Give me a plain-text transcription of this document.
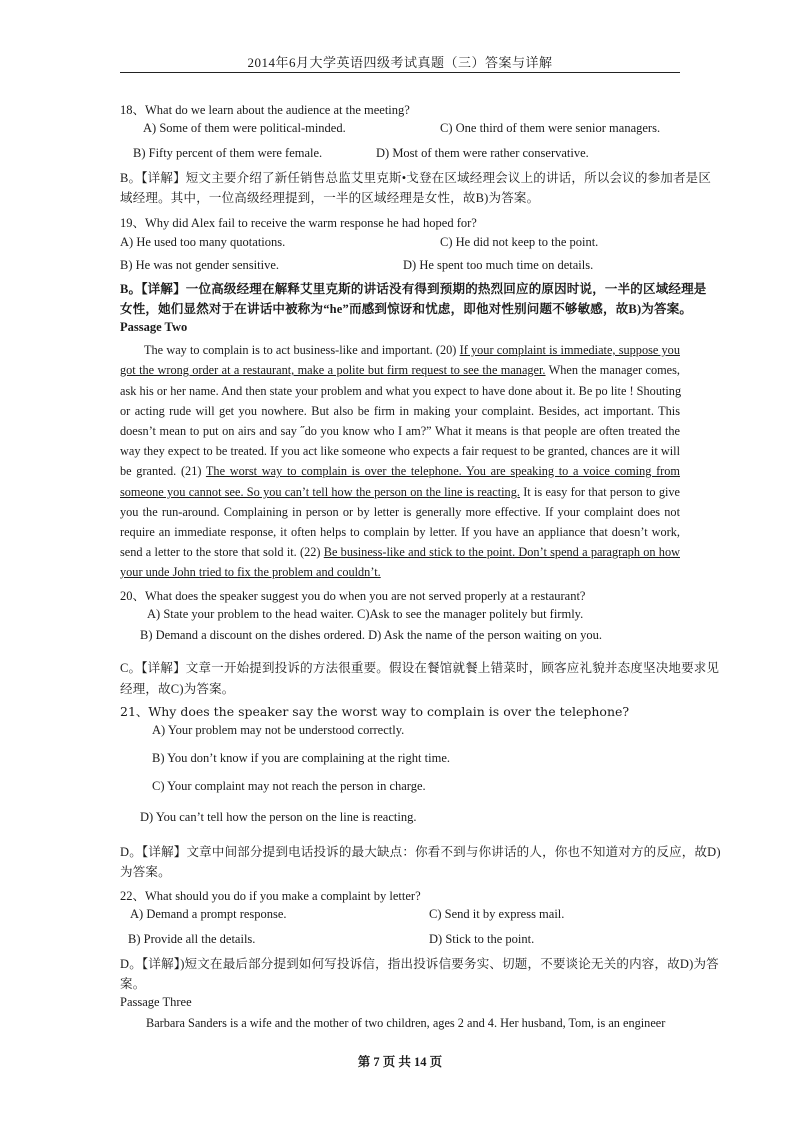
2014年6月大学英语四级考试真题（三）答案与详解
18、What do we learn about the audience at the meeting?
A) Some of them were political-minded.	C) One third of them were senior managers.
B) Fifty percent of them were female.	D) Most of them were rather conservative.
B。【详解】短文主要介绍了新任销售总监艾里克斯•戈登在区域经理会议上的讲话，所以会议的参加者是区
域经理。其中，一位高级经理提到，一半的区域经理是女性，故B)为答案。
19、Why did Alex fail to receive the warm response he had hoped for?
A) He used too many quotations.	C) He did not keep to the point.
B) He was not gender sensitive.	D) He spent too much time on details.
B。【详解】一位高级经理在解释艾里克斯的讲话没有得到预期的热烈回应的原因时说，一半的区域经理是
女性，她们显然对于在讲话中被称为“he”而感到惊讶和忧虑，即他对性别问题不够敏感，故B)为答案。
Passage Two
The way to complain is to act business-like and important. (20) If your complaint is immediate, suppose you
got the wrong order at a restaurant, make a polite but firm request to see the manager. When the manager comes,
ask his or her name. And then state your problem and what you expect to have done about it. Be po lite ! Shouting
or acting rude will get you nowhere. But also be firm in making your complaint. Besides, act important. This
doesn’t mean to put on airs and say ˝do you know who I am?” What it means is that people are often treated the
way they expect to be treated. If you act like someone who expects a fair request to be granted, chances are it will
be granted. (21) The worst way to complain is over the telephone. You are speaking to a voice coming from
someone you cannot see. So you can’t tell how the person on the line is reacting. It is easy for that person to give
you the run-around. Complaining in person or by letter is generally more effective. If your complaint does not
require an immediate response, it often helps to complain by letter. If you have an appliance that doesn’t work,
send a letter to the store that sold it. (22) Be business-like and stick to the point. Don’t spend a paragraph on how
your unde John tried to fix the problem and couldn’t.
20、What does the speaker suggest you do when you are not served properly at a restaurant?
A) State your problem to the head waiter. C)Ask to see the manager politely but firmly.
B) Demand a discount on the dishes ordered. D) Ask the name of the person waiting on you.
C。【详解】文章一开始提到投诉的方法很重要。假设在餐馆就餐上错菜时，顾客应礼貌并态度坚决地要求见
经理，故C)为答案。
21、Why does the speaker say the worst way to complain is over the telephone?
A) Your problem may not be understood correctly.
B) You don’t know if you are complaining at the right time.
C) Your complaint may not reach the person in charge.
D) You can’t tell how the person on the line is reacting.
D。【详解】文章中间部分提到电话投诉的最大缺点：你看不到与你讲话的人，你也不知道对方的反应，故D)
为答案。
22、What should you do if you make a complaint by letter?
A) Demand a prompt response.	C) Send it by express mail.
B) Provide all the details.	D) Stick to the point.
D。【详解】)短文在最后部分提到如何写投诉信，指出投诉信要务实、切题，不要谈论无关的内容，故D)为答
案。
Passage Three
Barbara Sanders is a wife and the mother of two children, ages 2 and 4. Her husband, Tom, is an engineer
第 7 页 共 14 页
